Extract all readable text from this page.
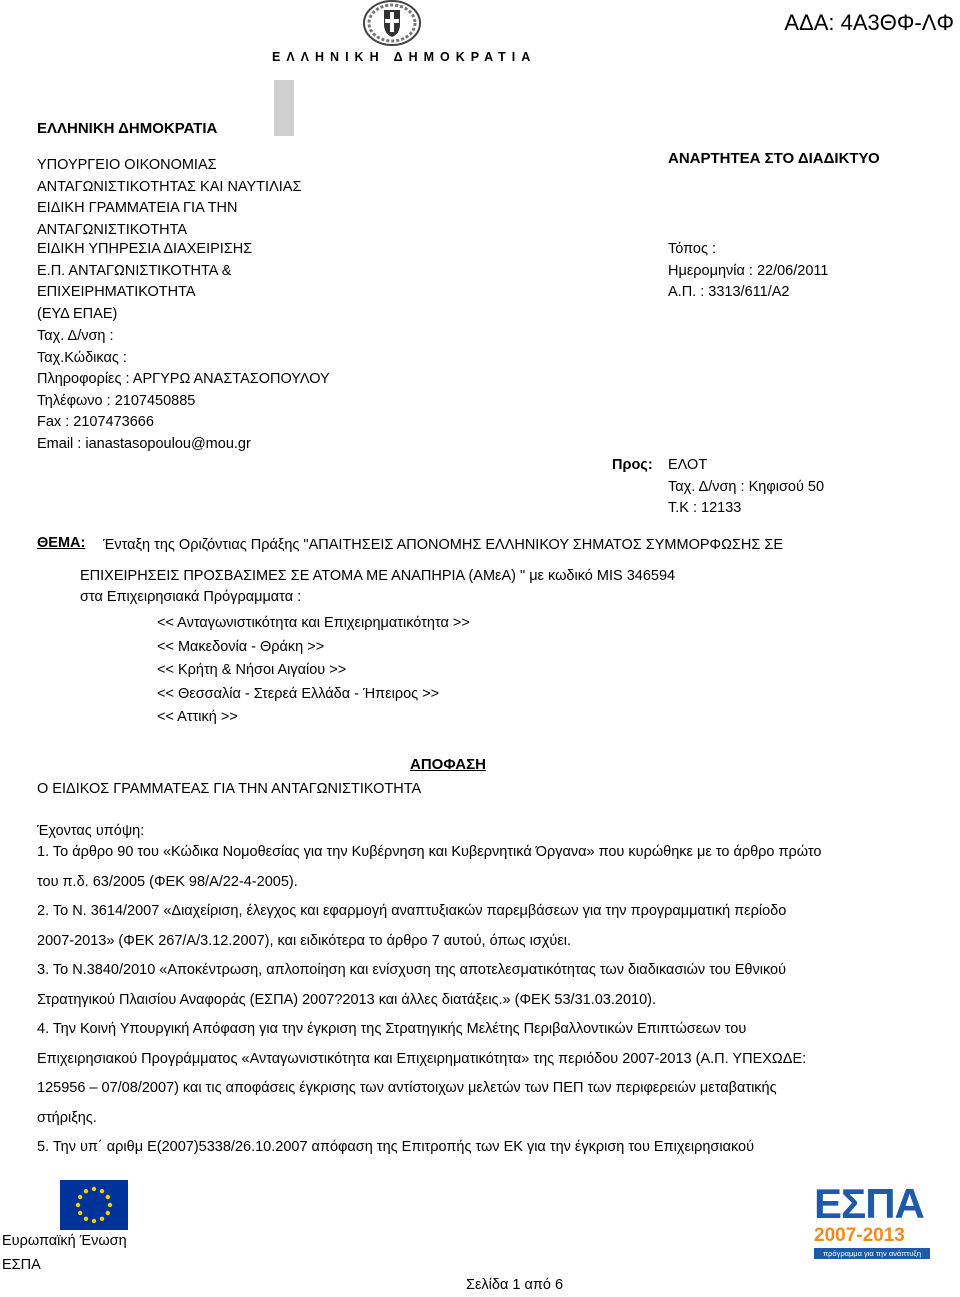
ΑΔΑ: 4Α3ΘΦ-ΛΦ
ΕΛΛΗΝΙΚΗ ΔΗΜΟΚΡΑΤΙΑ
ΕΛΛΗΝΙΚΗ ΔΗΜΟΚΡΑΤΙΑ
ΥΠΟΥΡΓΕΙΟ ΟΙΚΟΝΟΜΙΑΣ
ΑΝΤΑΓΩΝΙΣΤΙΚΟΤΗΤΑΣ ΚΑΙ ΝΑΥΤΙΛΙΑΣ
ΕΙΔΙΚΗ ΓΡΑΜΜΑΤΕΙΑ ΓΙΑ ΤΗΝ
ΑΝΤΑΓΩΝΙΣΤΙΚΟΤΗΤΑ
ΕΙΔΙΚΗ ΥΠΗΡΕΣΙΑ ΔΙΑΧΕΙΡΙΣΗΣ
Ε.Π. ΑΝΤΑΓΩΝΙΣΤΙΚΟΤΗΤΑ &
ΕΠΙΧΕΙΡΗΜΑΤΙΚΟΤΗΤΑ
(ΕΥΔ ΕΠΑΕ)
Ταχ. Δ/νση :
Ταχ.Κώδικας :
Πληροφορίες : ΑΡΓΥΡΩ ΑΝΑΣΤΑΣΟΠΟΥΛΟΥ
Τηλέφωνο : 2107450885
Fax : 2107473666
Email : ianastasopoulou@mou.gr
ΑΝΑΡΤΗΤΕΑ ΣΤΟ ΔΙΑΔΙΚΤΥΟ
Τόπος :
Ημερομηνία : 22/06/2011
Α.Π. : 3313/611/Α2
Προς: ΕΛΟΤ
Ταχ. Δ/νση : Κηφισού 50
Τ.Κ : 12133
ΘΕΜΑ: Ένταξη της Οριζόντιας Πράξης "ΑΠΑΙΤΗΣΕΙΣ ΑΠΟΝΟΜΗΣ ΕΛΛΗΝΙΚΟΥ ΣΗΜΑΤΟΣ ΣΥΜΜΟΡΦΩΣΗΣ ΣΕ
ΕΠΙΧΕΙΡΗΣΕΙΣ ΠΡΟΣΒΑΣΙΜΕΣ ΣΕ ΑΤΟΜΑ ΜΕ ΑΝΑΠΗΡΙΑ (ΑΜεΑ) " με κωδικό MIS 346594
στα Επιχειρησιακά Πρόγραμματα :
<< Ανταγωνιστικότητα και Επιχειρηματικότητα >>
<< Μακεδονία - Θράκη >>
<< Κρήτη & Νήσοι Αιγαίου >>
<< Θεσσαλία - Στερεά Ελλάδα - Ήπειρος >>
<< Αττική >>
ΑΠΟΦΑΣΗ
Ο ΕΙΔΙΚΟΣ ΓΡΑΜΜΑΤΕΑΣ ΓΙΑ ΤΗΝ ΑΝΤΑΓΩΝΙΣΤΙΚΟΤΗΤΑ
Έχοντας υπόψη:
1. Το άρθρο 90 του «Κώδικα Νομοθεσίας για την Κυβέρνηση και Κυβερνητικά Όργανα» που κυρώθηκε με το άρθρο πρώτο
του π.δ. 63/2005 (ΦΕΚ 98/Α/22-4-2005).
2. Το Ν. 3614/2007 «Διαχείριση, έλεγχος και εφαρμογή αναπτυξιακών παρεμβάσεων για την προγραμματική περίοδο
2007-2013» (ΦΕΚ 267/Α/3.12.2007), και ειδικότερα το άρθρο 7 αυτού, όπως ισχύει.
3. Το Ν.3840/2010 «Αποκέντρωση, απλοποίηση και ενίσχυση της αποτελεσματικότητας των διαδικασιών του Εθνικού
Στρατηγικού Πλαισίου Αναφοράς (ΕΣΠΑ) 2007?2013 και άλλες διατάξεις.» (ΦΕΚ 53/31.03.2010).
4. Την Κοινή Υπουργική Απόφαση για την έγκριση της Στρατηγικής Μελέτης Περιβαλλοντικών Επιπτώσεων του
Επιχειρησιακού Προγράμματος «Ανταγωνιστικότητα και Επιχειρηματικότητα» της περιόδου 2007-2013 (Α.Π. ΥΠΕΧΩΔΕ:
125956 – 07/08/2007) και τις αποφάσεις έγκρισης των αντίστοιχων μελετών των ΠΕΠ των περιφερειών μεταβατικής
στήριξης.
5. Την υπ΄ αριθμ Ε(2007)5338/26.10.2007 απόφαση της Επιτροπής των ΕΚ για την έγκριση του Επιχειρησιακού
Ευρωπαϊκή Ένωση
ΕΣΠΑ
Σελίδα 1 από 6
ΕΣΠΑ
2007-2013
πρόγραμμα για την ανάπτυξη
